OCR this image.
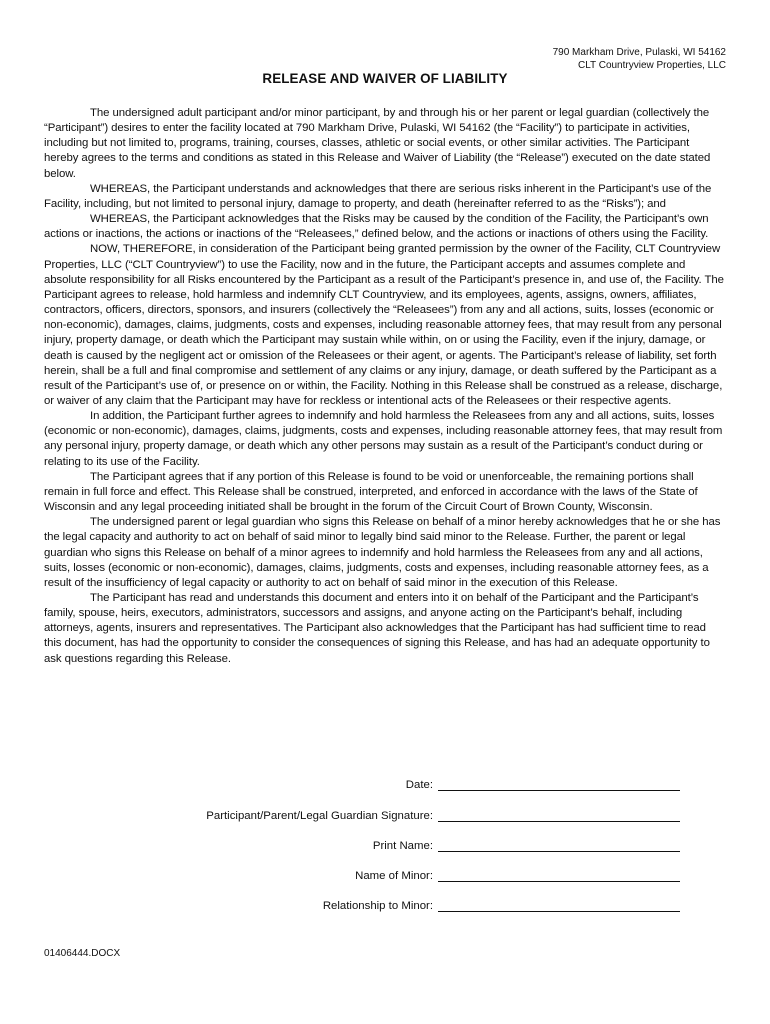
790 Markham Drive, Pulaski, WI 54162
CLT Countryview Properties, LLC
RELEASE AND WAIVER OF LIABILITY

The undersigned adult participant and/or minor participant, by and through his or her parent or legal guardian (collectively the “Participant”) desires to enter the facility located at 790 Markham Drive, Pulaski, WI 54162 (the “Facility”) to participate in activities, including but not limited to, programs, training, courses, classes, athletic or social events, or other similar activities. The Participant hereby agrees to the terms and conditions as stated in this Release and Waiver of Liability (the “Release”) executed on the date stated below.

WHEREAS, the Participant understands and acknowledges that there are serious risks inherent in the Participant’s use of the Facility, including, but not limited to personal injury, damage to property, and death (hereinafter referred to as the “Risks”); and

WHEREAS, the Participant acknowledges that the Risks may be caused by the condition of the Facility, the Participant’s own actions or inactions, the actions or inactions of the “Releasees,” defined below, and the actions or inactions of others using the Facility.

NOW, THEREFORE, in consideration of the Participant being granted permission by the owner of the Facility, CLT Countryview Properties, LLC (“CLT Countryview”) to use the Facility, now and in the future, the Participant accepts and assumes complete and absolute responsibility for all Risks encountered by the Participant as a result of the Participant’s presence in, and use of, the Facility. The Participant agrees to release, hold harmless and indemnify CLT Countryview, and its employees, agents, assigns, owners, affiliates, contractors, officers, directors, sponsors, and insurers (collectively the “Releasees”) from any and all actions, suits, losses (economic or non-economic), damages, claims, judgments, costs and expenses, including reasonable attorney fees, that may result from any personal injury, property damage, or death which the Participant may sustain while within, on or using the Facility, even if the injury, damage, or death is caused by the negligent act or omission of the Releasees or their agent, or agents. The Participant’s release of liability, set forth herein, shall be a full and final compromise and settlement of any claims or any injury, damage, or death suffered by the Participant as a result of the Participant’s use of, or presence on or within, the Facility. Nothing in this Release shall be construed as a release, discharge, or waiver of any claim that the Participant may have for reckless or intentional acts of the Releasees or their respective agents.

In addition, the Participant further agrees to indemnify and hold harmless the Releasees from any and all actions, suits, losses (economic or non-economic), damages, claims, judgments, costs and expenses, including reasonable attorney fees, that may result from any personal injury, property damage, or death which any other persons may sustain as a result of the Participant’s conduct during or relating to its use of the Facility.

The Participant agrees that if any portion of this Release is found to be void or unenforceable, the remaining portions shall remain in full force and effect. This Release shall be construed, interpreted, and enforced in accordance with the laws of the State of Wisconsin and any legal proceeding initiated shall be brought in the forum of the Circuit Court of Brown County, Wisconsin.

The undersigned parent or legal guardian who signs this Release on behalf of a minor hereby acknowledges that he or she has the legal capacity and authority to act on behalf of said minor to legally bind said minor to the Release. Further, the parent or legal guardian who signs this Release on behalf of a minor agrees to indemnify and hold harmless the Releasees from any and all actions, suits, losses (economic or non-economic), damages, claims, judgments, costs and expenses, including reasonable attorney fees, as a result of the insufficiency of legal capacity or authority to act on behalf of said minor in the execution of this Release.

The Participant has read and understands this document and enters into it on behalf of the Participant and the Participant’s family, spouse, heirs, executors, administrators, successors and assigns, and anyone acting on the Participant’s behalf, including attorneys, agents, insurers and representatives. The Participant also acknowledges that the Participant has had sufficient time to read this document, has had the opportunity to consider the consequences of signing this Release, and has had an adequate opportunity to ask questions regarding this Release.

Date:
Participant/Parent/Legal Guardian Signature:
Print Name:
Name of Minor:
Relationship to Minor:
01406444.DOCX
